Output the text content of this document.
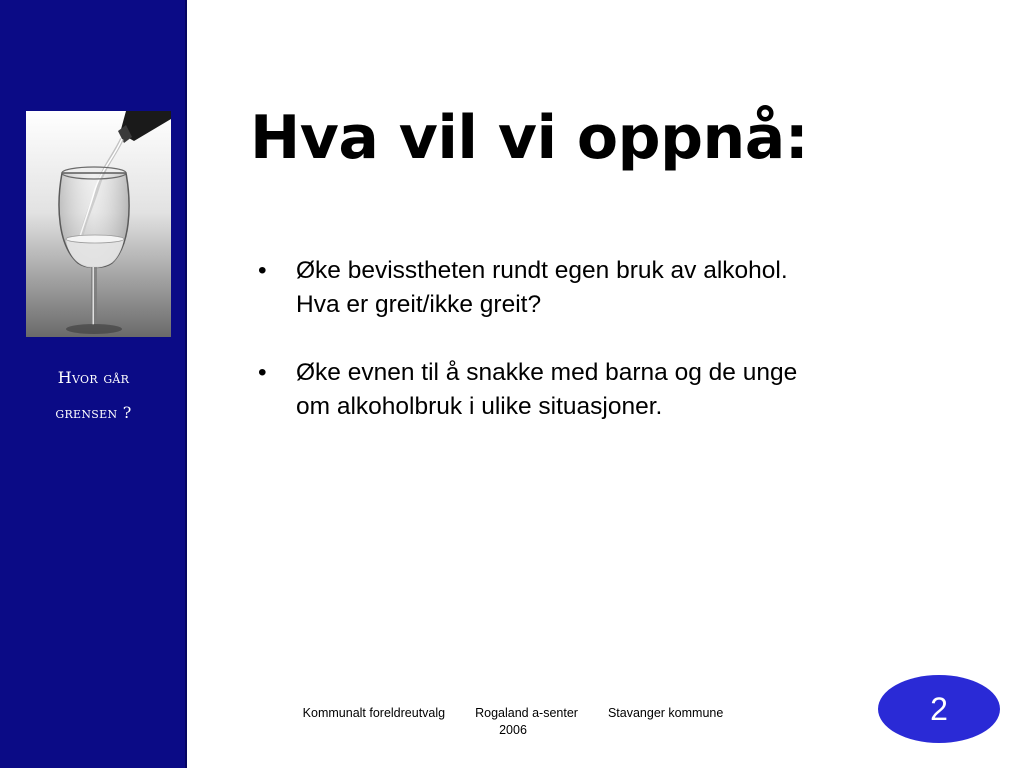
Hvor går
grensen ?
Hva vil vi oppnå:
•	Øke bevisstheten rundt egen bruk av alkohol.
Hva er greit/ikke greit?
•	Øke evnen til å snakke med barna og de unge
om alkoholbruk i ulike situasjoner.
Kommunalt foreldreutvalg Rogaland a-senter Stavanger kommune
2006
2
